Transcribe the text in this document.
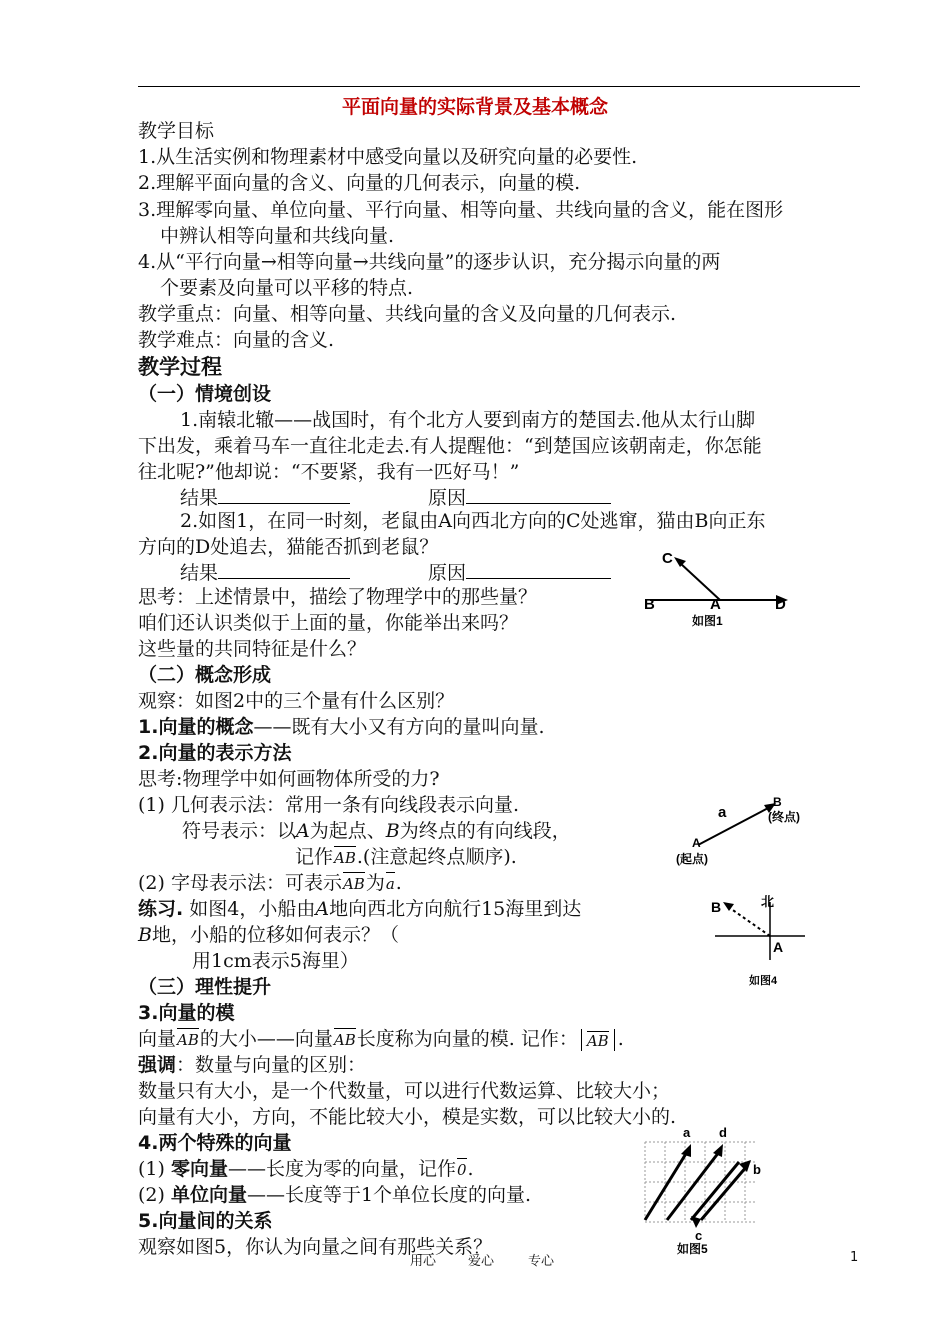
平面向量的实际背景及基本概念
教学目标
1.从生活实例和物理素材中感受向量以及研究向量的必要性.
2.理解平面向量的含义、向量的几何表示，向量的模.
3.理解零向量、单位向量、平行向量、相等向量、共线向量的含义，能在图形
中辨认相等向量和共线向量.
4.从“平行向量→相等向量→共线向量”的逐步认识，充分揭示向量的两
个要素及向量可以平移的特点.
教学重点：向量、相等向量、共线向量的含义及向量的几何表示.
教学难点：向量的含义.
教学过程
（一）情境创设
1.南辕北辙——战国时，有个北方人要到南方的楚国去.他从太行山脚
下出发，乘着马车一直往北走去.有人提醒他：“到楚国应该朝南走，你怎能
往北呢?”他却说：“不要紧，我有一匹好马！”
结果	原因
2.如图1，在同一时刻，老鼠由A向西北方向的C处逃窜，猫由B向正东
方向的D处追去，猫能否抓到老鼠？
结果	原因
思考：上述情景中，描绘了物理学中的那些量？
咱们还认识类似于上面的量，你能举出来吗？
这些量的共同特征是什么？
（二）概念形成
观察：如图2中的三个量有什么区别？
1.向量的概念——既有大小又有方向的量叫向量.
2.向量的表示方法
思考:物理学中如何画物体所受的力?
(1) 几何表示法：常用一条有向线段表示向量.
符号表示：以A为起点、B为终点的有向线段，
记作AB.(注意起终点顺序).
(2) 字母表示法：可表示AB为a.
练习. 如图4，小船由A地向西北方向航行15海里到达
B地，小船的位移如何表示？（
用1cm表示5海里）
（三）理性提升
3.向量的模
向量AB的大小——向量AB长度称为向量的模. 记作： AB .
强调：数量与向量的区别：
数量只有大小，是一个代数量，可以进行代数运算、比较大小；
向量有大小，方向，不能比较大小，模是实数，可以比较大小的.
4.两个特殊的向量
(1) 零向量——长度为零的向量，记作0.
(2) 单位向量——长度等于1个单位长度的向量.
5.向量间的关系
观察如图5，你认为向量之间有那些关系？
C
B	A	D
如图1
a
B
(终点)
A
(起点)
B	北
A
如图4
a d
b
c
如图5
用心 爱心	专心	1
